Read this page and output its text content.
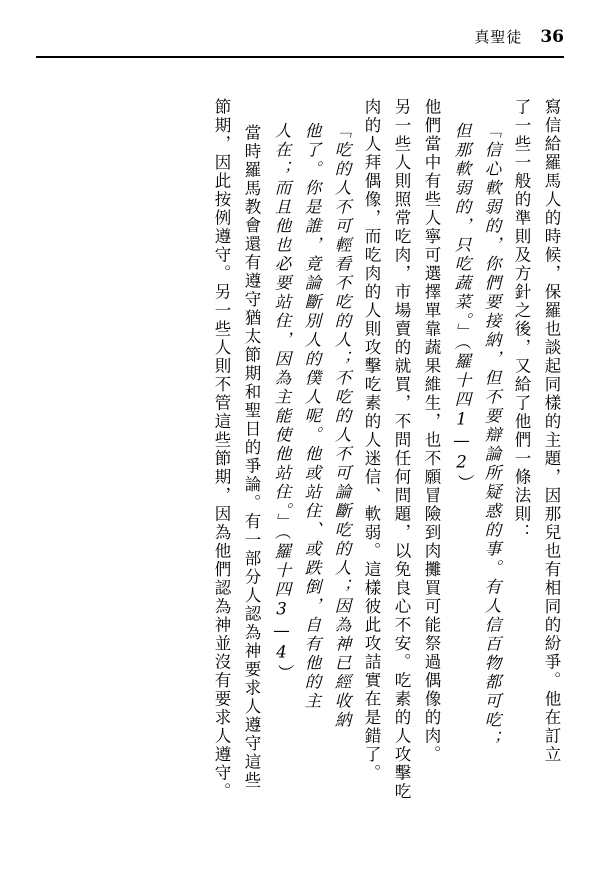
真聖徒 36
寫信給羅馬人的時候，保羅也談起同樣的主題，因那兒也有相同的紛爭。他在訂立
了一些一般的準則及方針之後，又給了他們一條法則：
「信心軟弱的，你們要接納，但不要辯論所疑惑的事。有人信百物都可吃；
但那軟弱的，只吃蔬菜。」（羅十四1—2）
他們當中有些人寧可選擇單靠蔬果維生，也不願冒險到肉攤買可能祭過偶像的肉。
另一些人則照常吃肉，市場賣的就買，不問任何問題，以免良心不安。吃素的人攻擊吃
肉的人拜偶像，而吃肉的人則攻擊吃素的人迷信、軟弱。這樣彼此攻詰實在是錯了。
「吃的人不可輕看不吃的人；不吃的人不可論斷吃的人；因為神已經收納
他了。你是誰，竟論斷別人的僕人呢。他或站住、或跌倒，自有他的主
人在；而且他也必要站住，因為主能使他站住。」（羅十四3—4）
當時羅馬教會還有遵守猶太節期和聖日的爭論。有一部分人認為神要求人遵守這些
節期，因此按例遵守。另一些人則不管這些節期，因為他們認為神並沒有要求人遵守。
